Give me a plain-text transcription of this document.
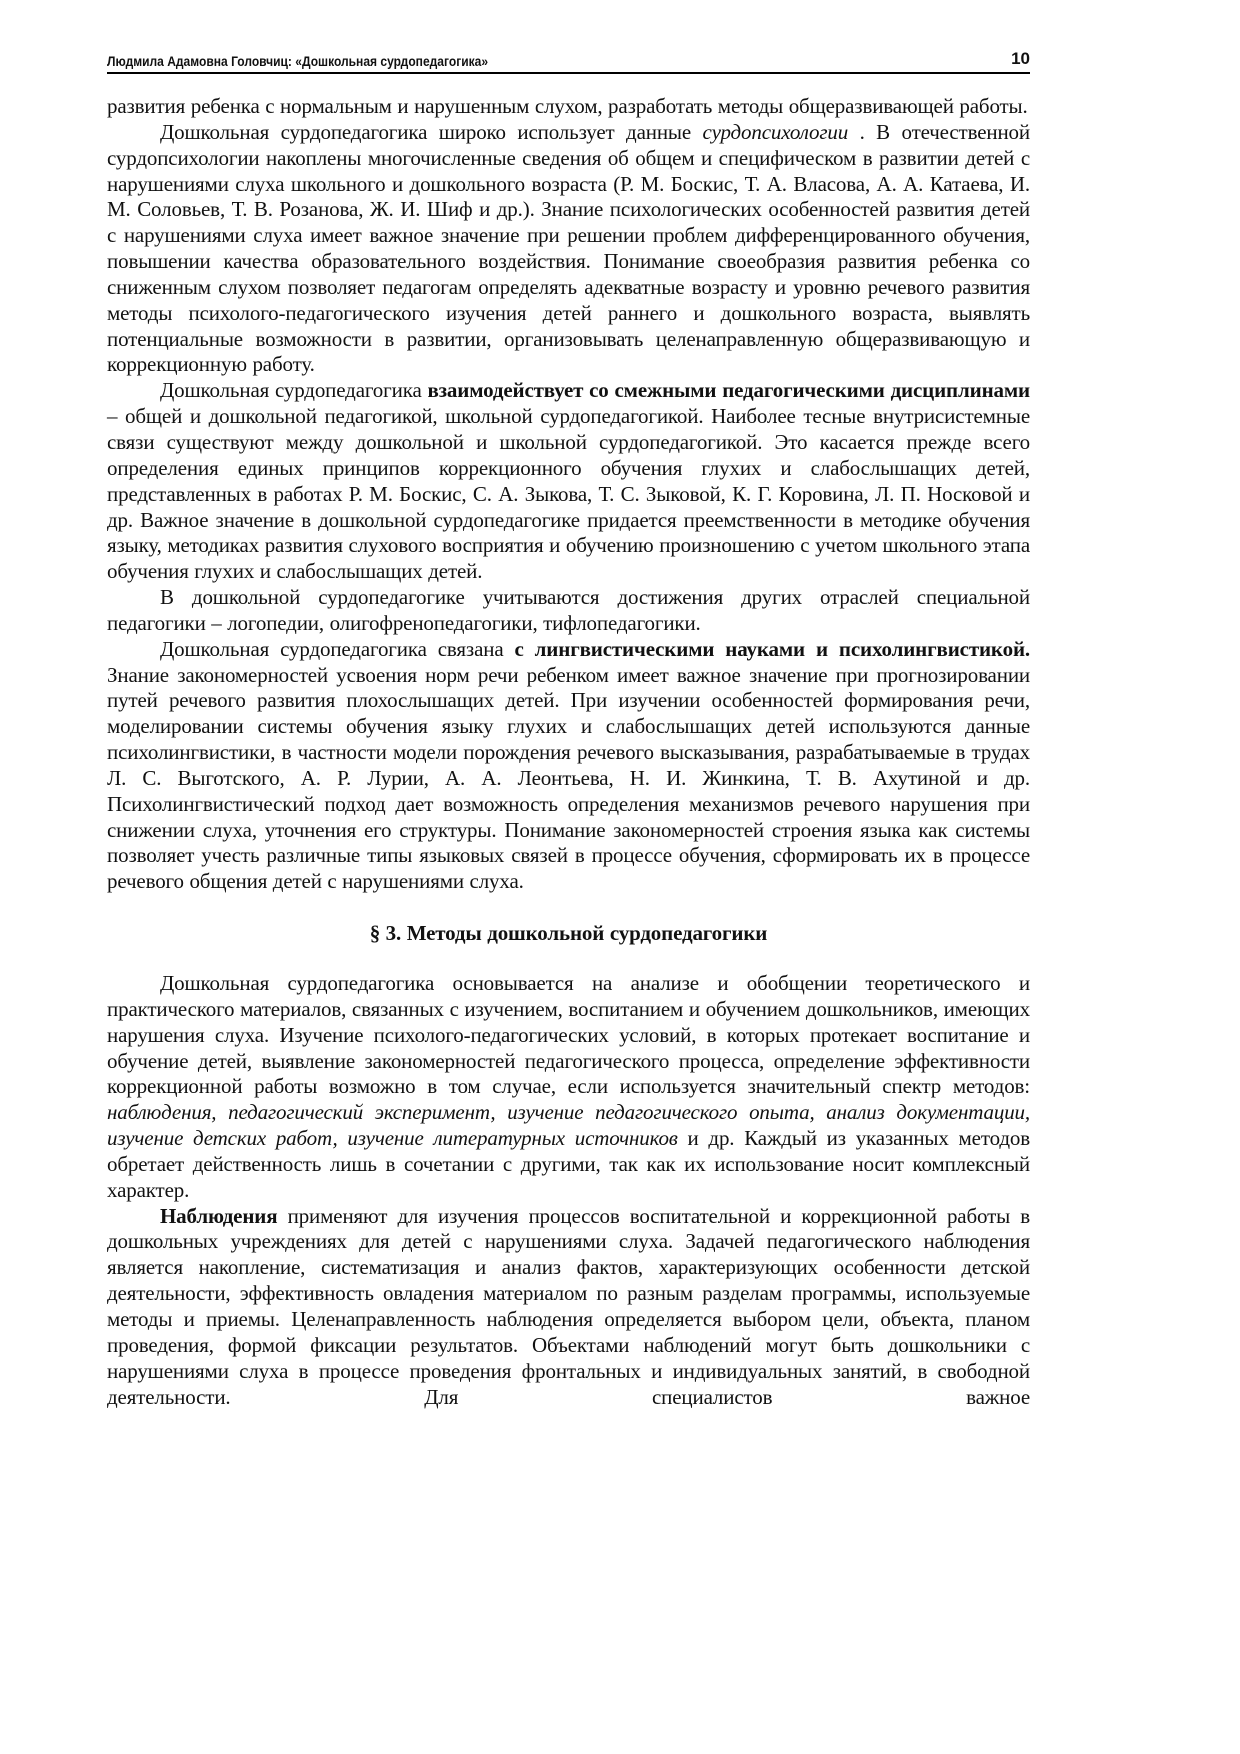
Людмила Адамовна Головчиц: «Дошкольная сурдопедагогика»	10

развития ребенка с нормальным и нарушенным слухом, разработать методы общеразвивающей работы.

Дошкольная сурдопедагогика широко использует данные сурдопсихологии . В отечественной сурдопсихологии накоплены многочисленные сведения об общем и специфическом в развитии детей с нарушениями слуха школьного и дошкольного возраста (Р. М. Боскис, Т. А. Власова, А. А. Катаева, И. М. Соловьев, Т. В. Розанова, Ж. И. Шиф и др.). Знание психологических особенностей развития детей с нарушениями слуха имеет важное значение при решении проблем дифференцированного обучения, повышении качества образовательного воздействия. Понимание своеобразия развития ребенка со сниженным слухом позволяет педагогам определять адекватные возрасту и уровню речевого развития методы психолого-педагогического изучения детей раннего и дошкольного возраста, выявлять потенциальные возможности в развитии, организовывать целенаправленную общеразвивающую и коррекционную работу.

Дошкольная сурдопедагогика взаимодействует со смежными педагогическими дисциплинами – общей и дошкольной педагогикой, школьной сурдопедагогикой. Наиболее тесные внутрисистемные связи существуют между дошкольной и школьной сурдопедагогикой. Это касается прежде всего определения единых принципов коррекционного обучения глухих и слабослышащих детей, представленных в работах Р. М. Боскис, С. А. Зыкова, Т. С. Зыковой, К. Г. Коровина, Л. П. Носковой и др. Важное значение в дошкольной сурдопедагогике придается преемственности в методике обучения языку, методиках развития слухового восприятия и обучению произношению с учетом школьного этапа обучения глухих и слабослышащих детей.

В дошкольной сурдопедагогике учитываются достижения других отраслей специальной педагогики – логопедии, олигофренопедагогики, тифлопедагогики.

Дошкольная сурдопедагогика связана с лингвистическими науками и психолингвистикой. Знание закономерностей усвоения норм речи ребенком имеет важное значение при прогнозировании путей речевого развития плохослышащих детей. При изучении особенностей формирования речи, моделировании системы обучения языку глухих и слабослышащих детей используются данные психолингвистики, в частности модели порождения речевого высказывания, разрабатываемые в трудах Л. С. Выготского, А. Р. Лурии, А. А. Леонтьева, Н. И. Жинкина, Т. В. Ахутиной и др. Психолингвистический подход дает возможность определения механизмов речевого нарушения при снижении слуха, уточнения его структуры. Понимание закономерностей строения языка как системы позволяет учесть различные типы языковых связей в процессе обучения, сформировать их в процессе речевого общения детей с нарушениями слуха.

§ 3. Методы дошкольной сурдопедагогики

Дошкольная сурдопедагогика основывается на анализе и обобщении теоретического и практического материалов, связанных с изучением, воспитанием и обучением дошкольников, имеющих нарушения слуха. Изучение психолого-педагогических условий, в которых протекает воспитание и обучение детей, выявление закономерностей педагогического процесса, определение эффективности коррекционной работы возможно в том случае, если используется значительный спектр методов: наблюдения, педагогический эксперимент, изучение педагогического опыта, анализ документации, изучение детских работ, изучение литературных источников и др. Каждый из указанных методов обретает действенность лишь в сочетании с другими, так как их использование носит комплексный характер.

Наблюдения применяют для изучения процессов воспитательной и коррекционной работы в дошкольных учреждениях для детей с нарушениями слуха. Задачей педагогического наблюдения является накопление, систематизация и анализ фактов, характеризующих особенности детской деятельности, эффективность овладения материалом по разным разделам программы, используемые методы и приемы. Целенаправленность наблюдения определяется выбором цели, объекта, планом проведения, формой фиксации результатов. Объектами наблюдений могут быть дошкольники с нарушениями слуха в процессе проведения фронтальных и индивидуальных занятий, в свободной деятельности. Для специалистов важное
